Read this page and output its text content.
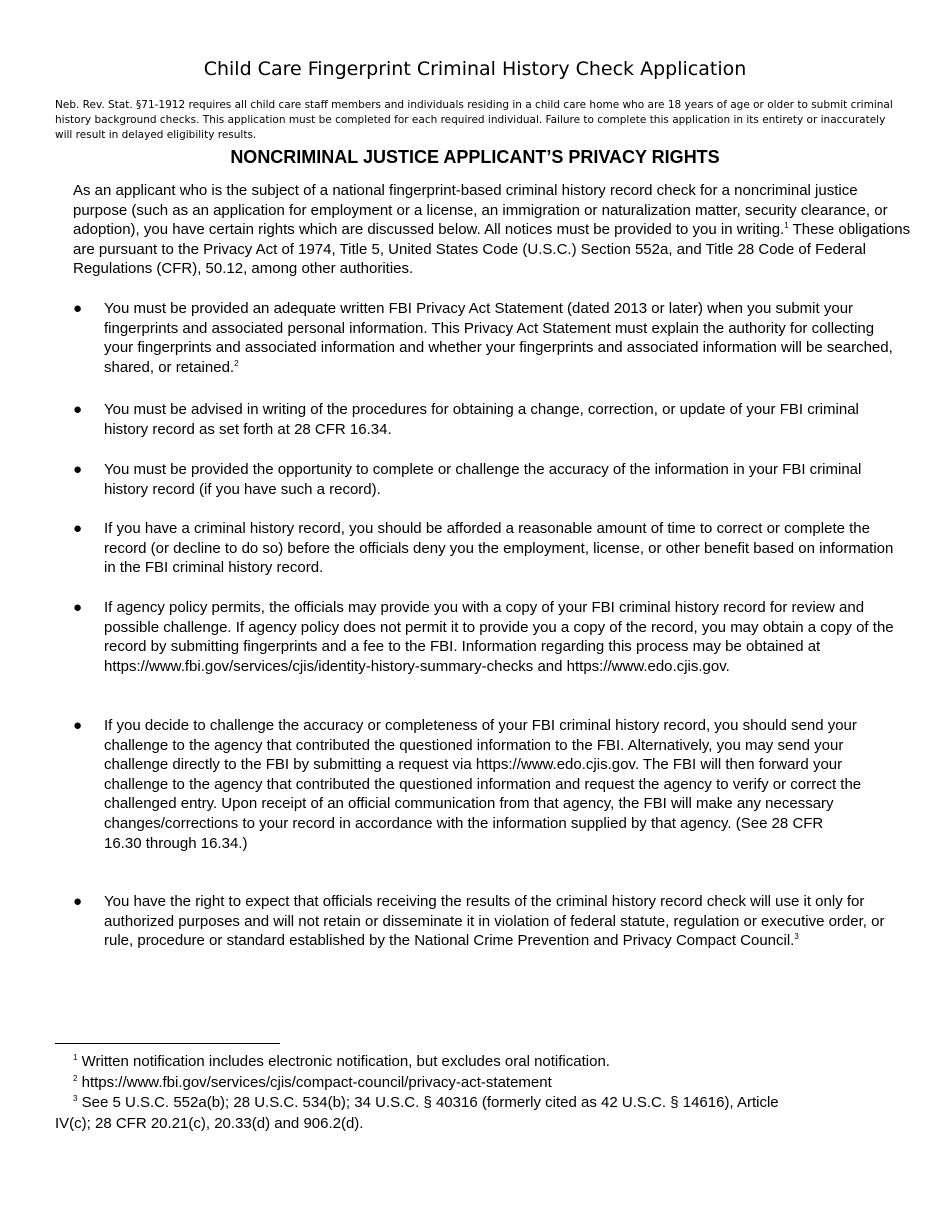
Child Care Fingerprint Criminal History Check Application
Neb. Rev. Stat. §71-1912 requires all child care staff members and individuals residing in a child care home who are 18 years of age or older to submit criminal history background checks. This application must be completed for each required individual. Failure to complete this application in its entirety or inaccurately will result in delayed eligibility results.
NONCRIMINAL JUSTICE APPLICANT’S PRIVACY RIGHTS
As an applicant who is the subject of a national fingerprint-based criminal history record check for a noncriminal justice purpose (such as an application for employment or a license, an immigration or naturalization matter, security clearance, or adoption), you have certain rights which are discussed below. All notices must be provided to you in writing.$^1$ These obligations are pursuant to the Privacy Act of 1974, Title 5, United States Code (U.S.C.) Section 552a, and Title 28 Code of Federal Regulations (CFR), 50.12, among other authorities.
● You must be provided an adequate written FBI Privacy Act Statement (dated 2013 or later) when you submit your fingerprints and associated personal information. This Privacy Act Statement must explain the authority for collecting your fingerprints and associated information and whether your fingerprints and associated information will be searched, shared, or retained.$^2$
● You must be advised in writing of the procedures for obtaining a change, correction, or update of your FBI criminal history record as set forth at 28 CFR 16.34.
● You must be provided the opportunity to complete or challenge the accuracy of the information in your FBI criminal history record (if you have such a record).
● If you have a criminal history record, you should be afforded a reasonable amount of time to correct or complete the record (or decline to do so) before the officials deny you the employment, license, or other benefit based on information in the FBI criminal history record.
● If agency policy permits, the officials may provide you with a copy of your FBI criminal history record for review and possible challenge. If agency policy does not permit it to provide you a copy of the record, you may obtain a copy of the record by submitting fingerprints and a fee to the FBI. Information regarding this process may be obtained at https://www.fbi.gov/services/cjis/identity-history-summary-checks and https://www.edo.cjis.gov.
● If you decide to challenge the accuracy or completeness of your FBI criminal history record, you should send your challenge to the agency that contributed the questioned information to the FBI. Alternatively, you may send your challenge directly to the FBI by submitting a request via https://www.edo.cjis.gov. The FBI will then forward your challenge to the agency that contributed the questioned information and request the agency to verify or correct the challenged entry. Upon receipt of an official communication from that agency, the FBI will make any necessary changes/corrections to your record in accordance with the information supplied by that agency. (See 28 CFR
16.30 through 16.34.)
● You have the right to expect that officials receiving the results of the criminal history record check will use it only for authorized purposes and will not retain or disseminate it in violation of federal statute, regulation or executive order, or rule, procedure or standard established by the National Crime Prevention and Privacy Compact Council.$^3$
$^1$ Written notification includes electronic notification, but excludes oral notification.
$^2$ https://www.fbi.gov/services/cjis/compact-council/privacy-act-statement
$^3$ See 5 U.S.C. 552a(b); 28 U.S.C. 534(b); 34 U.S.C. § 40316 (formerly cited as 42 U.S.C. § 14616), Article
IV(c); 28 CFR 20.21(c), 20.33(d) and 906.2(d).
